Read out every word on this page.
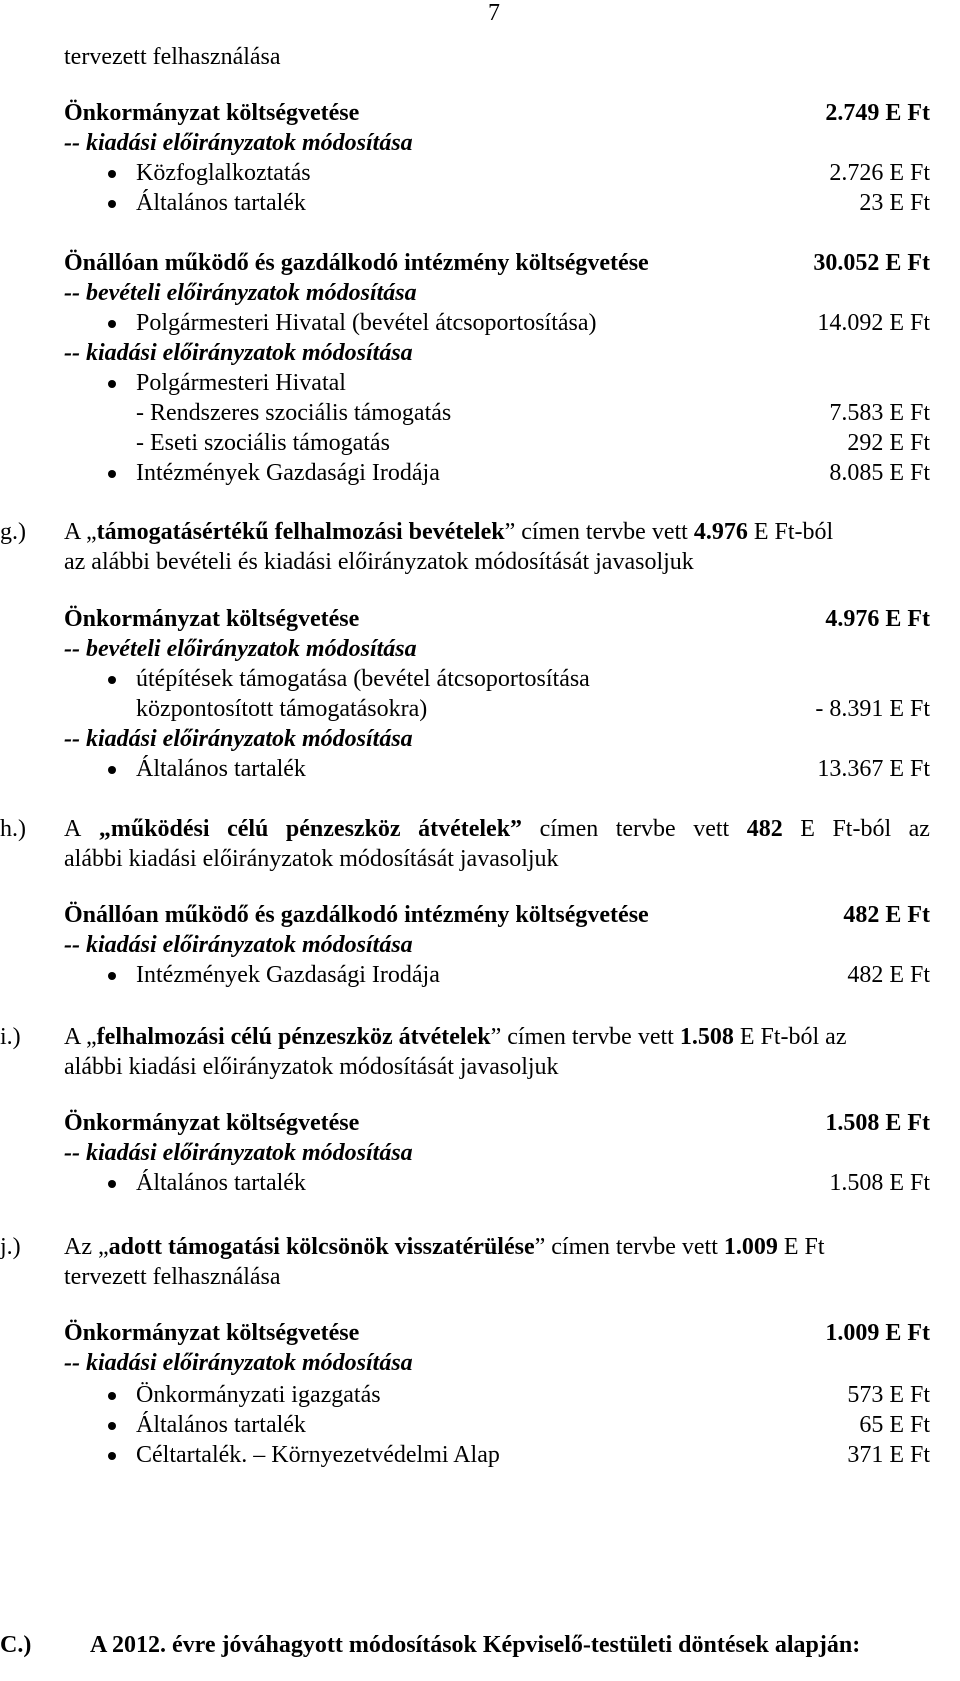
7
tervezett felhasználása
Önkormányzat költségvetése	2.749 E Ft
-- kiadási előirányzatok módosítása
Közfoglalkoztatás	2.726 E Ft
Általános tartalék	23 E Ft
Önállóan működő és gazdálkodó intézmény költségvetése	30.052 E Ft
-- bevételi előirányzatok módosítása
Polgármesteri Hivatal (bevétel átcsoportosítása)	14.092 E Ft
-- kiadási előirányzatok módosítása
Polgármesteri Hivatal
- Rendszeres szociális támogatás	7.583 E Ft
- Eseti szociális támogatás	292 E Ft
Intézmények Gazdasági Irodája	8.085 E Ft
g.)	A „ támogatásértékű felhalmozási bevételek ” címen tervbe vett 4.976 E Ft-ból
az alábbi bevételi és kiadási előirányzatok módosítását javasoljuk
Önkormányzat költségvetése	4.976 E Ft
-- bevételi előirányzatok módosítása
útépítések támogatása (bevétel átcsoportosítása
központosított támogatásokra)	- 8.391 E Ft
-- kiadási előirányzatok módosítása
Általános tartalék	13.367 E Ft
h.)	A „működési célú pénzeszköz átvételek” címen tervbe vett 482 E Ft-ból az
alábbi kiadási előirányzatok módosítását javasoljuk
Önállóan működő és gazdálkodó intézmény költségvetése	482 E Ft
-- kiadási előirányzatok módosítása
Intézmények Gazdasági Irodája	482 E Ft
i.)	A „ felhalmozási célú pénzeszköz átvételek ” címen tervbe vett 1.508 E Ft-ból az
alábbi kiadási előirányzatok módosítását javasoljuk
Önkormányzat költségvetése	1.508 E Ft
-- kiadási előirányzatok módosítása
Általános tartalék	1.508 E Ft
j.)	Az „ adott támogatási kölcsönök visszatérülése ” címen tervbe vett 1.009 E Ft
tervezett felhasználása
Önkormányzat költségvetése	1.009 E Ft
-- kiadási előirányzatok módosítása
Önkormányzati igazgatás	573 E Ft
Általános tartalék	65 E Ft
Céltartalék. – Környezetvédelmi Alap	371 E Ft
C.)	A 2012. évre jóváhagyott módosítások Képviselő-testületi döntések alapján:
